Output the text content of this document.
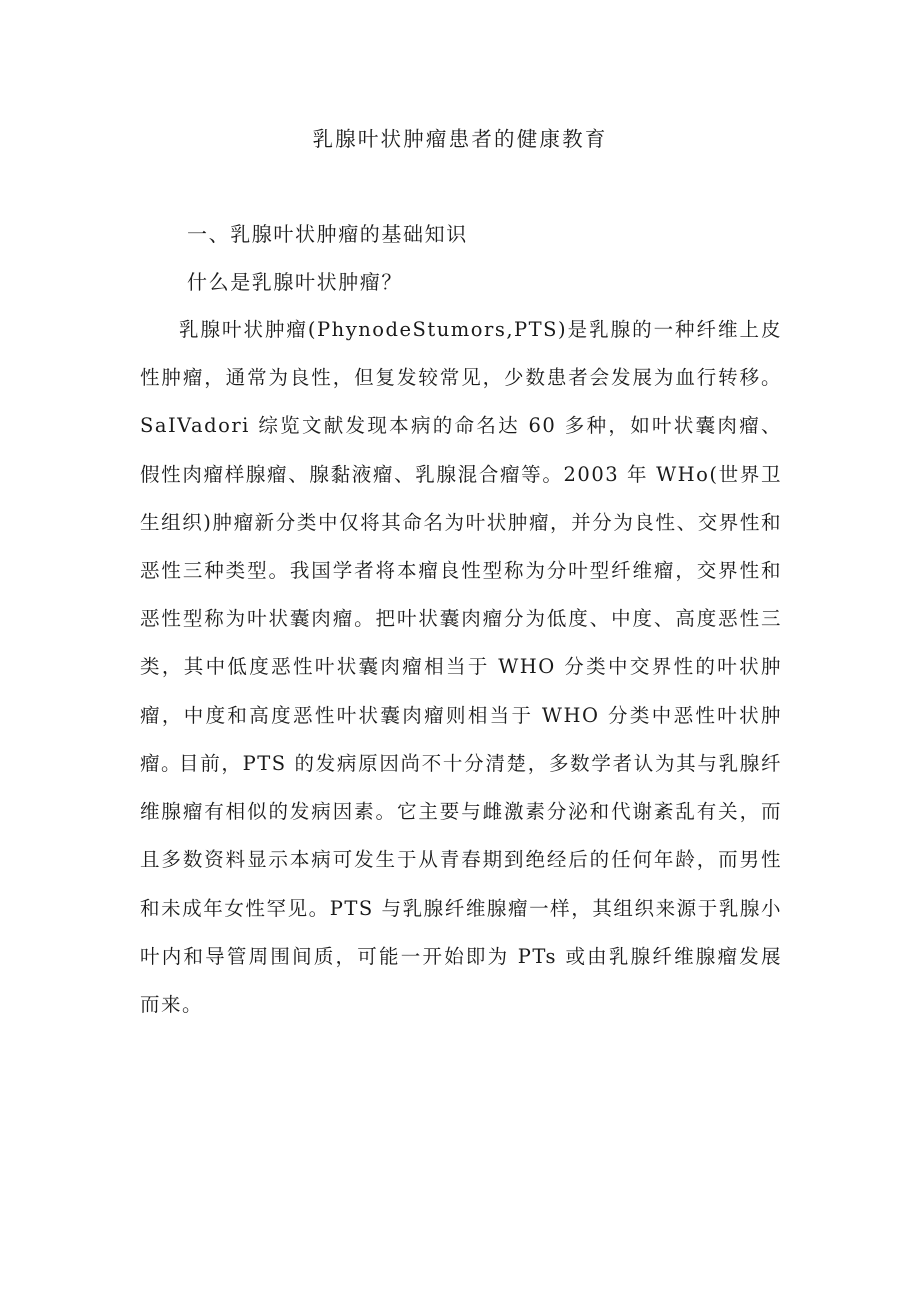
乳腺叶状肿瘤患者的健康教育

一、乳腺叶状肿瘤的基础知识

什么是乳腺叶状肿瘤？

乳腺叶状肿瘤(PhynodeStumors,PTS)是乳腺的一种纤维上皮性肿瘤，通常为良性，但复发较常见，少数患者会发展为血行转移。SaIVadori 综览文献发现本病的命名达 60 多种，如叶状囊肉瘤、假性肉瘤样腺瘤、腺黏液瘤、乳腺混合瘤等。2003 年 WHo(世界卫生组织)肿瘤新分类中仅将其命名为叶状肿瘤，并分为良性、交界性和恶性三种类型。我国学者将本瘤良性型称为分叶型纤维瘤，交界性和恶性型称为叶状囊肉瘤。把叶状囊肉瘤分为低度、中度、高度恶性三类，其中低度恶性叶状囊肉瘤相当于 WHO 分类中交界性的叶状肿瘤，中度和高度恶性叶状囊肉瘤则相当于 WHO 分类中恶性叶状肿瘤。

目前，PTS 的发病原因尚不十分清楚，多数学者认为其与乳腺纤维腺瘤有相似的发病因素。它主要与雌激素分泌和代谢紊乱有关，而且多数资料显示本病可发生于从青春期到绝经后的任何年龄，而男性和未成年女性罕见。PTS 与乳腺纤维腺瘤一样，其组织来源于乳腺小叶内和导管周围间质，可能一开始即为 PTs 或由乳腺纤维腺瘤发展而来。
